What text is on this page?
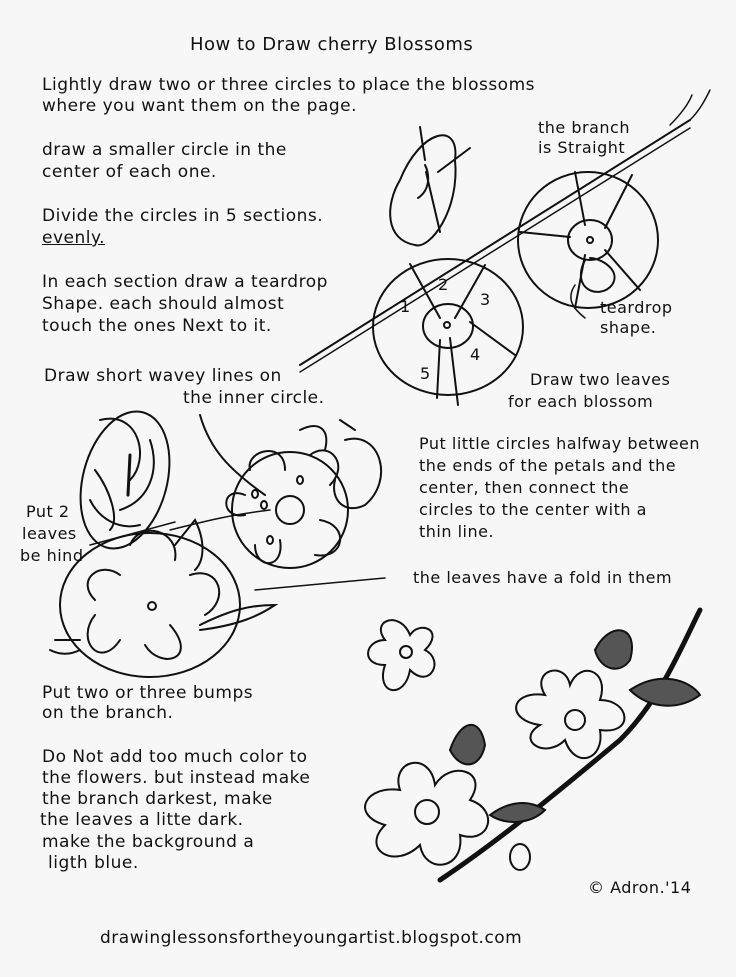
How to Draw cherry Blossoms
Lightly draw two or three circles to place the blossoms
where you want them on the page.
draw a smaller circle in the
center of each one.
Divide the circles in 5 sections.
evenly.
In each section draw a teardrop
Shape. each should almost
touch the ones Next to it.
Draw short wavey lines on
the inner circle.
Put little circles halfway between
the ends of the petals and the
center, then connect the
circles to the center with a
thin line.
the leaves have a fold in them
the branch
is Straight
teardrop
shape.
Draw two leaves
for each blossom
1
2
3
4
5
Put 2
leaves
be hind
Put two or three bumps
on the branch.
Do Not add too much color to
the flowers. but instead make
the branch darkest, make
the leaves a litte dark.
make the background a
ligth blue.
© Adron.'14
drawinglessonsfortheyoungartist.blogspot.com
